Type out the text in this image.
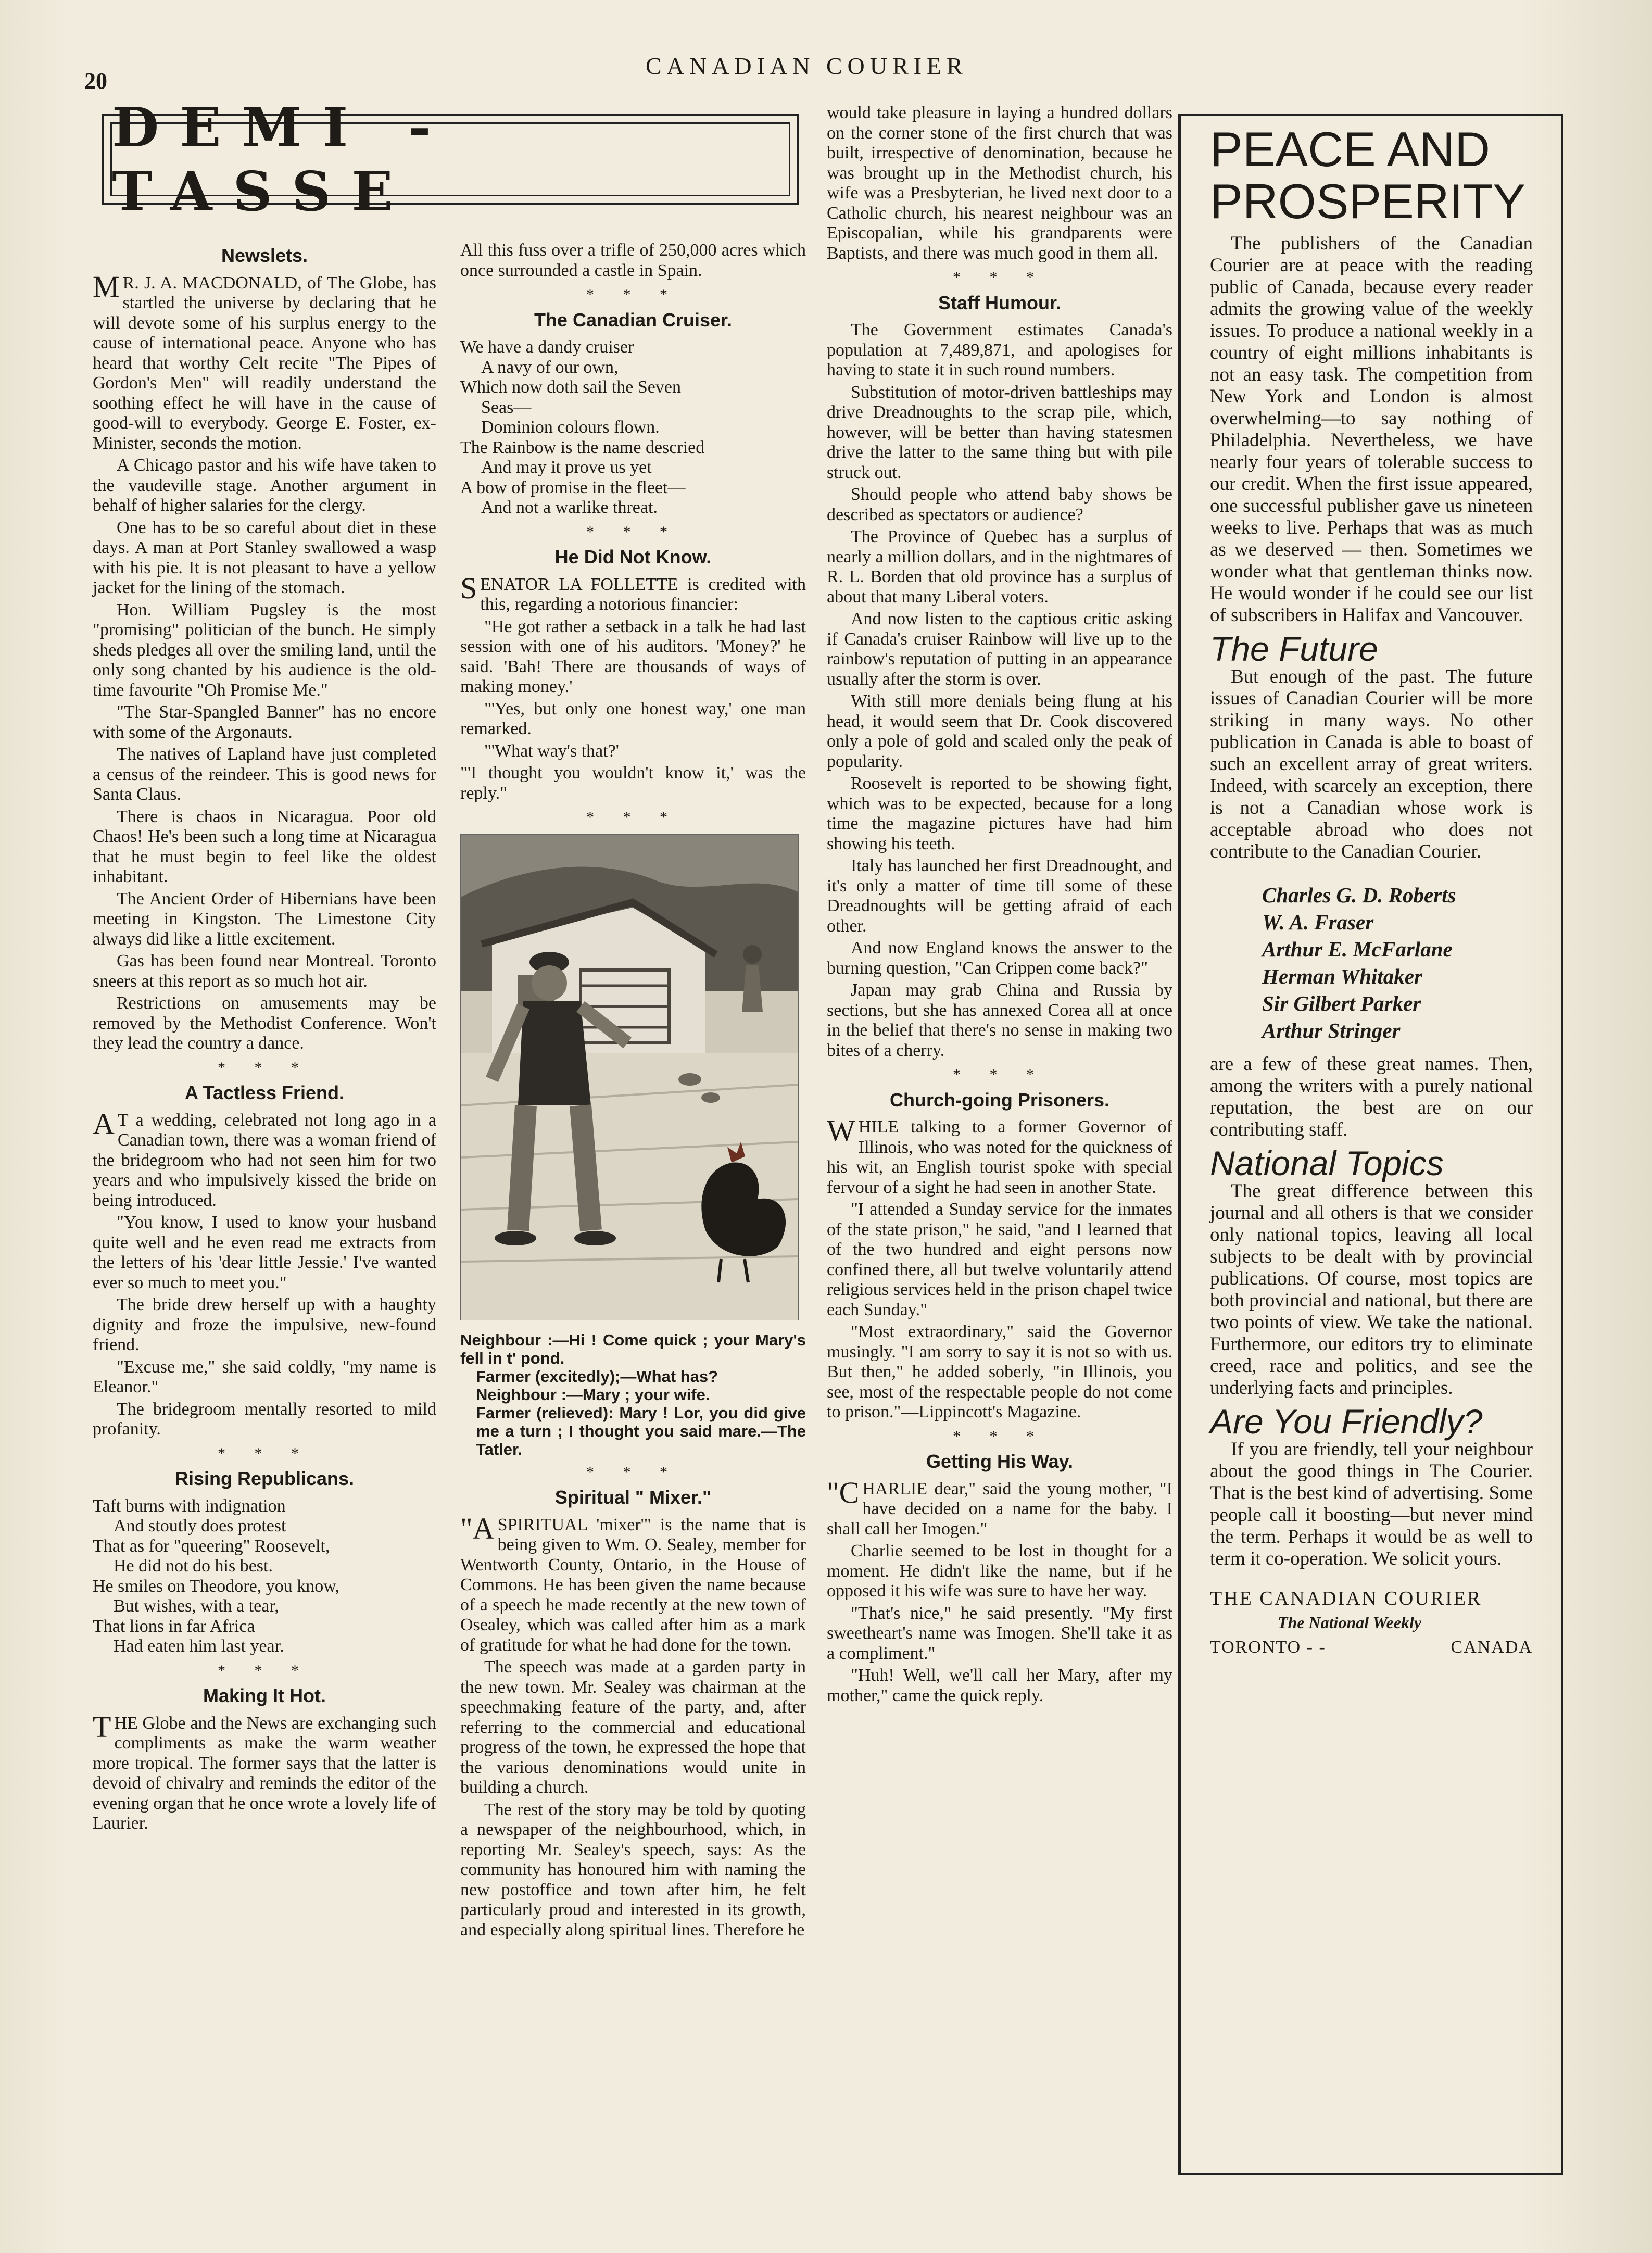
20
CANADIAN COURIER
DEMI - TASSE
Newslets.

M R. J. A. MACDONALD, of The Globe, has startled the universe by declaring that he will devote some of his surplus energy to the cause of international peace. Anyone who has heard that worthy Celt recite "The Pipes of Gordon's Men" will readily understand the soothing effect he will have in the cause of good-will to everybody. George E. Foster, ex-Minister, seconds the motion.

A Chicago pastor and his wife have taken to the vaudeville stage. Another argument in behalf of higher salaries for the clergy.

One has to be so careful about diet in these days. A man at Port Stanley swallowed a wasp with his pie. It is not pleasant to have a yellow jacket for the lining of the stomach.

Hon. William Pugsley is the most "promising" politician of the bunch. He simply sheds pledges all over the smiling land, until the only song chanted by his audience is the old-time favourite "Oh Promise Me."

"The Star-Spangled Banner" has no encore with some of the Argonauts.

The natives of Lapland have just completed a census of the reindeer. This is good news for Santa Claus.

There is chaos in Nicaragua. Poor old Chaos! He's been such a long time at Nicaragua that he must begin to feel like the oldest inhabitant.

The Ancient Order of Hibernians have been meeting in Kingston. The Limestone City always did like a little excitement.

Gas has been found near Montreal. Toronto sneers at this report as so much hot air.

Restrictions on amusements may be removed by the Methodist Conference. Won't they lead the country a dance.

* * *
A Tactless Friend.

A T a wedding, celebrated not long ago in a Canadian town, there was a woman friend of the bridegroom who had not seen him for two years and who impulsively kissed the bride on being introduced.

"You know, I used to know your husband quite well and he even read me extracts from the letters of his 'dear little Jessie.' I've wanted ever so much to meet you."

The bride drew herself up with a haughty dignity and froze the impulsive, new-found friend.

"Excuse me," she said coldly, "my name is Eleanor."

The bridegroom mentally resorted to mild profanity.

* * *
Rising Republicans.
Taft burns with indignation
And stoutly does protest
That as for "queering" Roosevelt,
He did not do his best.
He smiles on Theodore, you know,
But wishes, with a tear,
That lions in far Africa
Had eaten him last year.
* * *
Making It Hot.

THE Globe and the News are exchanging such compliments as make the warm weather more tropical. The former says that the latter is devoid of chivalry and reminds the editor of the evening organ that he once wrote a lovely life of Laurier.

All this fuss over a trifle of 250,000 acres which once surrounded a castle in Spain.

* * *
The Canadian Cruiser.
We have a dandy cruiser
A navy of our own,
Which now doth sail the Seven
Seas—
Dominion colours flown.
The Rainbow is the name descried
And may it prove us yet
A bow of promise in the fleet—
And not a warlike threat.
* * *
He Did Not Know.

SENATOR LA FOLLETTE is credited with this, regarding a notorious financier:

"He got rather a setback in a talk he had last session with one of his auditors. 'Money?' he said. 'Bah! There are thousands of ways of making money.'

"'Yes, but only one honest way,' one man remarked.

"'What way's that?'

"'I thought you wouldn't know it,' was the reply."

* * *
Neighbour :—Hi ! Come quick ; your Mary's fell in t' pond.
Farmer (excitedly);—What has?
Neighbour :—Mary ; your wife.
Farmer (relieved): Mary ! Lor, you did give me a turn ; I thought you said mare.—The Tatler.
* * *
Spiritual " Mixer."

"ASPIRITUAL 'mixer'" is the name that is being given to Wm. O. Sealey, member for Wentworth County, Ontario, in the House of Commons. He has been given the name because of a speech he made recently at the new town of Osealey, which was called after him as a mark of gratitude for what he had done for the town.

The speech was made at a garden party in the new town. Mr. Sealey was chairman at the speechmaking feature of the party, and, after referring to the commercial and educational progress of the town, he expressed the hope that the various denominations would unite in building a church.

The rest of the story may be told by quoting a newspaper of the neighbourhood, which, in reporting Mr. Sealey's speech, says: As the community has honoured him with naming the new postoffice and town after him, he felt particularly proud and interested in its growth, and especially along spiritual lines. Therefore he

would take pleasure in laying a hundred dollars on the corner stone of the first church that was built, irrespective of denomination, because he was brought up in the Methodist church, his wife was a Presbyterian, he lived next door to a Catholic church, his nearest neighbour was an Episcopalian, while his grandparents were Baptists, and there was much good in them all.

* * *
Staff Humour.

The Government estimates Canada's population at 7,489,871, and apologises for having to state it in such round numbers.

Substitution of motor-driven battleships may drive Dreadnoughts to the scrap pile, which, however, will be better than having statesmen drive the latter to the same thing but with pile struck out.

Should people who attend baby shows be described as spectators or audience?

The Province of Quebec has a surplus of nearly a million dollars, and in the nightmares of R. L. Borden that old province has a surplus of about that many Liberal voters.

And now listen to the captious critic asking if Canada's cruiser Rainbow will live up to the rainbow's reputation of putting in an appearance usually after the storm is over.

With still more denials being flung at his head, it would seem that Dr. Cook discovered only a pole of gold and scaled only the peak of popularity.

Roosevelt is reported to be showing fight, which was to be expected, because for a long time the magazine pictures have had him showing his teeth.

Italy has launched her first Dreadnought, and it's only a matter of time till some of these Dreadnoughts will be getting afraid of each other.

And now England knows the answer to the burning question, "Can Crippen come back?"

Japan may grab China and Russia by sections, but she has annexed Corea all at once in the belief that there's no sense in making two bites of a cherry.

* * *
Church-going Prisoners.

WHILE talking to a former Governor of Illinois, who was noted for the quickness of his wit, an English tourist spoke with special fervour of a sight he had seen in another State.

"I attended a Sunday service for the inmates of the state prison," he said, "and I learned that of the two hundred and eight persons now confined there, all but twelve voluntarily attend religious services held in the prison chapel twice each Sunday."

"Most extraordinary," said the Governor musingly. "I am sorry to say it is not so with us. But then," he added soberly, "in Illinois, you see, most of the respectable people do not come to prison."—Lippincott's Magazine.

* * *
Getting His Way.

"CHARLIE dear," said the young mother, "I have decided on a name for the baby. I shall call her Imogen."

Charlie seemed to be lost in thought for a moment. He didn't like the name, but if he opposed it his wife was sure to have her way.

"That's nice," he said presently. "My first sweetheart's name was Imogen. She'll take it as a compliment."

"Huh! Well, we'll call her Mary, after my mother," came the quick reply.

PEACE AND
PROSPERITY

The publishers of the Canadian Courier are at peace with the reading public of Canada, because every reader admits the growing value of the weekly issues. To produce a national weekly in a country of eight millions inhabitants is not an easy task. The competition from New York and London is almost overwhelming—to say nothing of Philadelphia. Nevertheless, we have nearly four years of tolerable success to our credit. When the first issue appeared, one successful publisher gave us nineteen weeks to live. Perhaps that was as much as we deserved — then. Sometimes we wonder what that gentleman thinks now. He would wonder if he could see our list of subscribers in Halifax and Vancouver.

The Future

But enough of the past. The future issues of Canadian Courier will be more striking in many ways. No other publication in Canada is able to boast of such an excellent array of great writers. Indeed, with scarcely an exception, there is not a Canadian whose work is acceptable abroad who does not contribute to the Canadian Courier.

Charles G. D. Roberts
W. A. Fraser
Arthur E. McFarlane
Herman Whitaker
Sir Gilbert Parker
Arthur Stringer

are a few of these great names. Then, among the writers with a purely national reputation, the best are on our contributing staff.

National Topics

The great difference between this journal and all others is that we consider only national topics, leaving all local subjects to be dealt with by provincial publications. Of course, most topics are both provincial and national, but there are two points of view. We take the national. Furthermore, our editors try to eliminate creed, race and politics, and see the underlying facts and principles.

Are You Friendly?

If you are friendly, tell your neighbour about the good things in The Courier. That is the best kind of advertising. Some people call it boosting—but never mind the term. Perhaps it would be as well to term it co-operation. We solicit yours.

THE CANADIAN COURIER
The National Weekly
TORONTO - -	CANADA
